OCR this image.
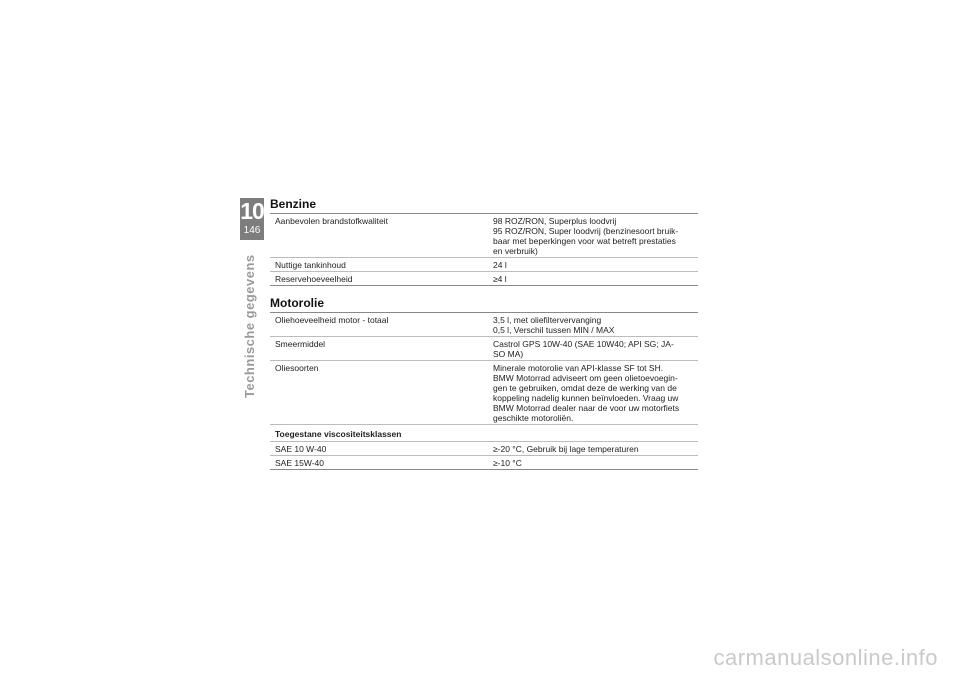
10
146
Technische gegevens
Benzine
Aanbevolen brandstofkwaliteit	98 ROZ/RON, Superplus loodvrij
95 ROZ/RON, Super loodvrij (benzinesoort bruik-
baar met beperkingen voor wat betreft prestaties
en verbruik)
Nuttige tankinhoud	24 l
Reservehoeveelheid	≥4 l
Motorolie
Oliehoeveelheid motor - totaal	3,5 l, met oliefiltervervanging
0,5 l, Verschil tussen MIN / MAX
Smeermiddel	Castrol GPS 10W-40 (SAE 10W40; API SG; JA-
SO MA)
Oliesoorten	Minerale motorolie van API-klasse SF tot SH.
BMW Motorrad adviseert om geen olietoevoegin-
gen te gebruiken, omdat deze de werking van de
koppeling nadelig kunnen beïnvloeden. Vraag uw
BMW Motorrad dealer naar de voor uw motorfiets
geschikte motoroliën.
Toegestane viscositeitsklassen
SAE 10 W-40	≥-20 °C, Gebruik bij lage temperaturen
SAE 15W-40	≥-10 °C
carmanualsonline.info
